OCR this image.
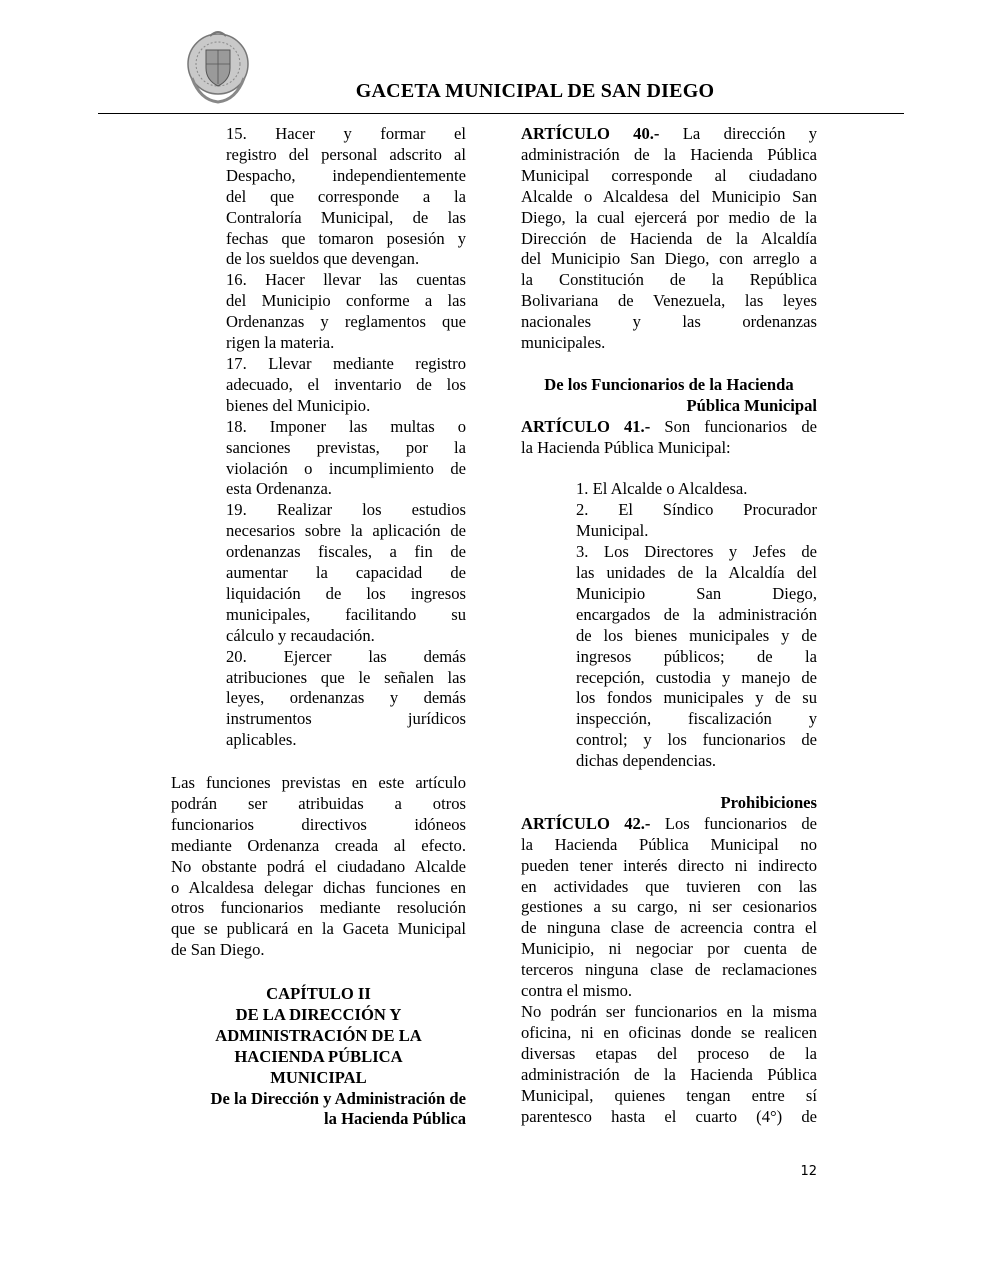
GACETA MUNICIPAL DE SAN DIEGO

15. Hacer y formar el

registro del personal adscrito al

Despacho, independientemente

del que corresponde a la

Contraloría Municipal, de las

fechas que tomaron posesión y

de los sueldos que devengan.

16. Hacer llevar las cuentas

del Municipio conforme a las

Ordenanzas y reglamentos que

rigen la materia.

17. Llevar mediante registro

adecuado, el inventario de los

bienes del Municipio.

18. Imponer las multas o

sanciones previstas, por la

violación o incumplimiento de

esta Ordenanza.

19. Realizar los estudios

necesarios sobre la aplicación de

ordenanzas fiscales, a fin de

aumentar la capacidad de

liquidación de los ingresos

municipales, facilitando su

cálculo y recaudación.

20. Ejercer las demás

atribuciones que le señalen las

leyes, ordenanzas y demás

instrumentos jurídicos

aplicables.

Las funciones previstas en este artículo

podrán ser atribuidas a otros

funcionarios directivos idóneos

mediante Ordenanza creada al efecto.

No obstante podrá el ciudadano Alcalde

o Alcaldesa delegar dichas funciones en

otros funcionarios mediante resolución

que se publicará en la Gaceta Municipal

de San Diego.

CAPÍTULO II

DE LA DIRECCIÓN Y

ADMINISTRACIÓN DE LA

HACIENDA PÚBLICA

MUNICIPAL

De la Dirección y Administración de

la Hacienda Pública

ARTÍCULO 40.- La dirección y

administración de la Hacienda Pública

Municipal corresponde al ciudadano

Alcalde o Alcaldesa del Municipio San

Diego, la cual ejercerá por medio de la

Dirección de Hacienda de la Alcaldía

del Municipio San Diego, con arreglo a

la Constitución de la República

Bolivariana de Venezuela, las leyes

nacionales y las ordenanzas

municipales.

De los Funcionarios de la Hacienda

Pública Municipal

ARTÍCULO 41.- Son funcionarios de

la Hacienda Pública Municipal:

1. El Alcalde o Alcaldesa.

2. El Síndico Procurador

Municipal.

3. Los Directores y Jefes de

las unidades de la Alcaldía del

Municipio San Diego,

encargados de la administración

de los bienes municipales y de

ingresos públicos; de la

recepción, custodia y manejo de

los fondos municipales y de su

inspección, fiscalización y

control; y los funcionarios de

dichas dependencias.

Prohibiciones

ARTÍCULO 42.- Los funcionarios de

la Hacienda Pública Municipal no

pueden tener interés directo ni indirecto

en actividades que tuvieren con las

gestiones a su cargo, ni ser cesionarios

de ninguna clase de acreencia contra el

Municipio, ni negociar por cuenta de

terceros ninguna clase de reclamaciones

contra el mismo.

No podrán ser funcionarios en la misma

oficina, ni en oficinas donde se realicen

diversas etapas del proceso de la

administración de la Hacienda Pública

Municipal, quienes tengan entre sí

parentesco hasta el cuarto (4°) de

12
